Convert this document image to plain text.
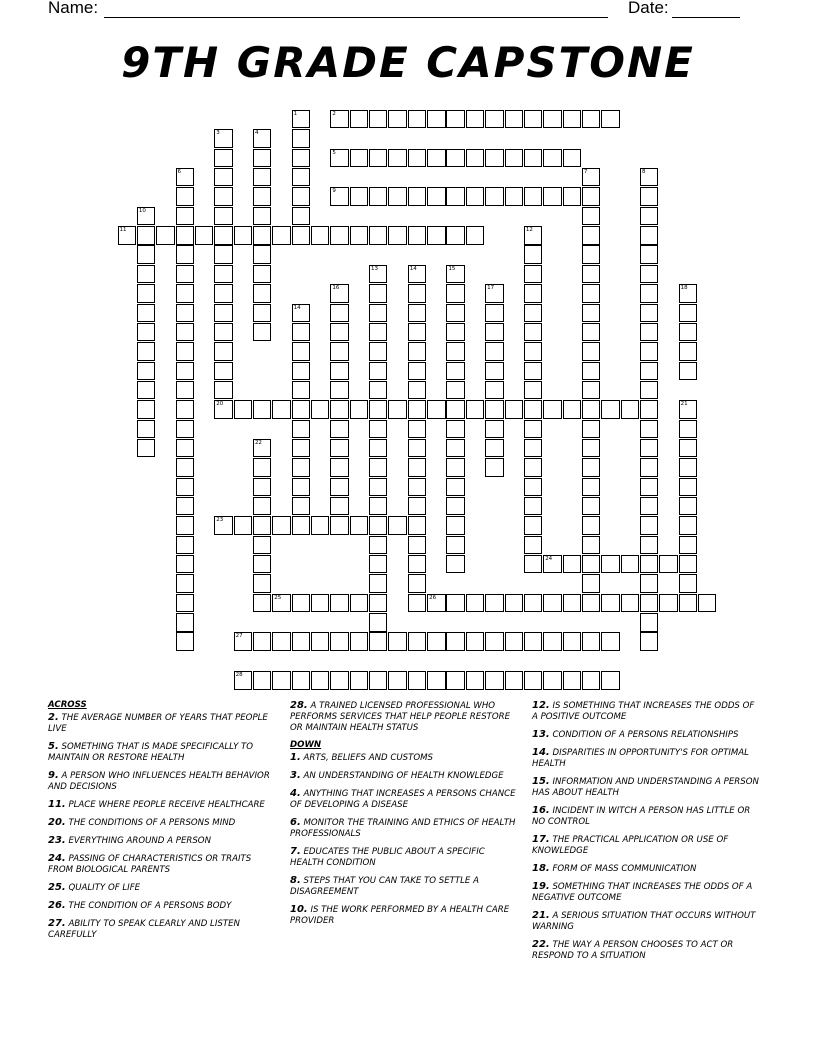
Name:	Date:
9TH GRADE CAPSTONE
2
5
9
11
20
23
24
25	26
27
28
1
3	4
6	7	8
10
12
13	14	15
16	17	18
14
21
22
ACROSS
2. THE AVERAGE NUMBER OF YEARS THAT PEOPLE LIVE
5. SOMETHING THAT IS MADE SPECIFICALLY TO MAINTAIN OR RESTORE HEALTH
9. A PERSON WHO INFLUENCES HEALTH BEHAVIOR AND DECISIONS
11. PLACE WHERE PEOPLE RECEIVE HEALTHCARE
20. THE CONDITIONS OF A PERSONS MIND
23. EVERYTHING AROUND A PERSON
24. PASSING OF CHARACTERISTICS OR TRAITS FROM BIOLOGICAL PARENTS
25. QUALITY OF LIFE
26. THE CONDITION OF A PERSONS BODY
27. ABILITY TO SPEAK CLEARLY AND LISTEN CAREFULLY
28. A TRAINED LICENSED PROFESSIONAL WHO PERFORMS SERVICES THAT HELP PEOPLE RESTORE OR MAINTAIN HEALTH STATUS
DOWN
1. ARTS, BELIEFS AND CUSTOMS
3. AN UNDERSTANDING OF HEALTH KNOWLEDGE
4. ANYTHING THAT INCREASES A PERSONS CHANCE OF DEVELOPING A DISEASE
6. MONITOR THE TRAINING AND ETHICS OF HEALTH PROFESSIONALS
7. EDUCATES THE PUBLIC ABOUT A SPECIFIC HEALTH CONDITION
8. STEPS THAT YOU CAN TAKE TO SETTLE A DISAGREEMENT
10. IS THE WORK PERFORMED BY A HEALTH CARE PROVIDER
12. IS SOMETHING THAT INCREASES THE ODDS OF A POSITIVE OUTCOME
13. CONDITION OF A PERSONS RELATIONSHIPS
14. DISPARITIES IN OPPORTUNITY'S FOR OPTIMAL HEALTH
15. INFORMATION AND UNDERSTANDING A PERSON HAS ABOUT HEALTH
16. INCIDENT IN WITCH A PERSON HAS LITTLE OR NO CONTROL
17. THE PRACTICAL APPLICATION OR USE OF KNOWLEDGE
18. FORM OF MASS COMMUNICATION
19. SOMETHING THAT INCREASES THE ODDS OF A NEGATIVE OUTCOME
21. A SERIOUS SITUATION THAT OCCURS WITHOUT WARNING
22. THE WAY A PERSON CHOOSES TO ACT OR RESPOND TO A SITUATION
